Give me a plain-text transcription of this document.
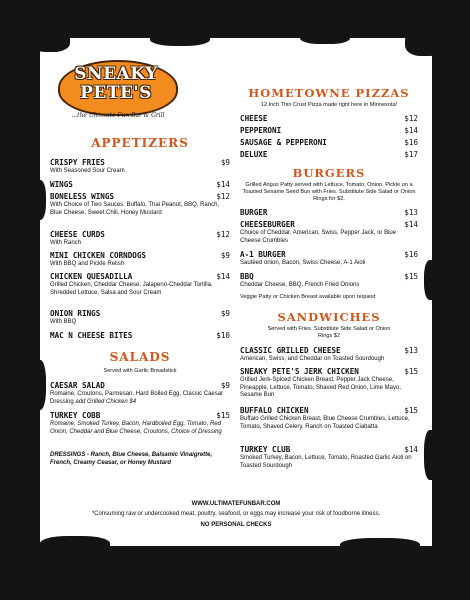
SNEAKY
PETE'S
...the Ultimate Fun Bar & Grill
APPETIZERS
CRISPY FRIES	$9
With Seasoned Sour Cream
WINGS	$14
BONELESS WINGS	$12
With Choice of Two Sauces: Buffalo, Thai Peanut, BBQ, Ranch, Blue Cheese, Sweet Chili, Honey Mustard
CHEESE CURDS	$12
With Ranch
MINI CHICKEN CORNDOGS	$9
With BBQ and Pickle Relish
CHICKEN QUESADILLA	$14
Grilled Chicken, Cheddar Cheese, Jalapeno-Cheddar Tortilla, Shredded Lettuce, Salsa and Sour Cream
ONION RINGS	$9
With BBQ
MAC N CHEESE BITES	$10
SALADS
Served with Garlic Breadstick
CAESAR SALAD	$9
Romaine, Croutons, Parmesan, Hard Boiled Egg, Classic Caesar Dressing add Grilled Chicken $4
TURKEY COBB	$15
Romaine, Smoked Turkey, Bacon, Hardboiled Egg, Tomato, Red Onion, Cheddar and Blue Cheese, Croutons, Choice of Dressing
DRESSINGS - Ranch, Blue Cheese, Balsamic Vinaigrette, French, Creamy Ceasar, or Honey Mustard
HOMETOWNE PIZZAS
12 Inch Thin Crust Pizza made right here in Minnesota!
CHEESE	$12
PEPPERONI	$14
SAUSAGE & PEPPERONI	$16
DELUXE	$17
BURGERS
Grilled Angus Patty served with Lettuce, Tomato, Onion, Pickle on a Toasted Sesame Seed Bun with Fries. Substitute Side Salad or Onion Rings for $2.
BURGER	$13
CHEESEBURGER	$14
Choice of Cheddar, American, Swiss, Pepper Jack, or Blue Cheese Crumbles
A-1 BURGER	$16
Sautéed onion, Bacon, Swiss Cheese, A-1 Aioli
BBQ	$15
Cheddar Cheese, BBQ, French Fried Onions
Veggie Patty or Chicken Breast available upon request
SANDWICHES
Served with Fries. Substitute Side Salad or Onion Rings $2
CLASSIC GRILLED CHEESE	$13
American, Swiss, and Cheddar on Toasted Sourdough
SNEAKY PETE'S JERK CHICKEN	$15
Grilled Jerk-Spiced Chicken Breast, Pepper Jack Cheese, Pineapple, Lettuce, Tomato, Shaved Red Onion, Lime Mayo, Sesame Bun
BUFFALO CHICKEN	$15
Buffalo Grilled Chicken Breast, Blue Cheese Crumbles, Lettuce, Tomato, Shaved Celery, Ranch on Toasted Ciabatta
TURKEY CLUB	$14
Smoked Turkey, Bacon, Lettuce, Tomato, Roasted Garlic Aioli on Toasted Sourdough
WWW.ULTIMATEFUNBAR.COM
*Consuming raw or undercooked meat, poultry, seafood, or eggs may increase your risk of foodborne illness.
NO PERSONAL CHECKS
